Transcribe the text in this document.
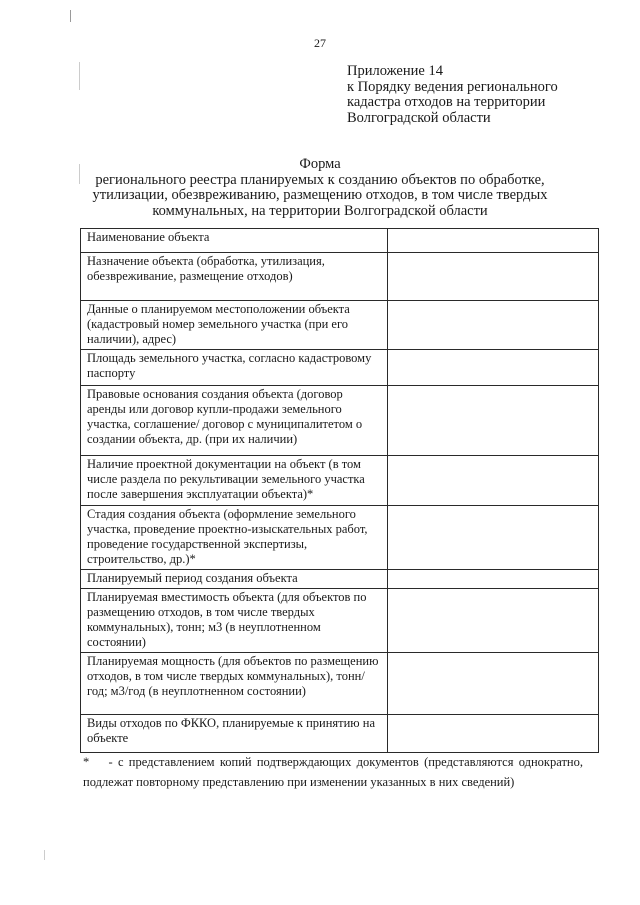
27
Приложение 14
к Порядку ведения регионального
кадастра отходов на территории
Волгоградской области
Форма
регионального реестра планируемых к созданию объектов по обработке,
утилизации, обезвреживанию, размещению отходов, в том числе твердых
коммунальных, на территории Волгоградской области
Наименование объекта	
Назначение объекта (обработка, утилизация, обезвреживание, размещение отходов)	
Данные о планируемом местоположении объекта (кадастровый номер земельного участка (при его наличии), адрес)	
Площадь земельного участка, согласно кадастровому паспорту	
Правовые основания создания объекта (договор аренды или договор купли-продажи земельного участка, соглашение/ договор с муниципалитетом о создании объекта, др. (при их наличии)	
Наличие проектной документации на объект (в том числе раздела по рекультивации земельного участка после завершения эксплуатации объекта)*	
Стадия создания объекта (оформление земельного участка, проведение проектно-изыскательных работ, проведение государственной экспертизы, строительство, др.)*	
Планируемый период создания объекта	
Планируемая вместимость объекта (для объектов по размещению отходов, в том числе твердых коммунальных), тонн; м3 (в неуплотненном состоянии)	
Планируемая мощность (для объектов по размещению отходов, в том числе твердых коммунальных), тонн/год; м3/год (в неуплотненном состоянии)	
Виды отходов по ФККО, планируемые к принятию на объекте	
* - с представлением копий подтверждающих документов (представляются однократно, подлежат повторному представлению при изменении указанных в них сведений)
